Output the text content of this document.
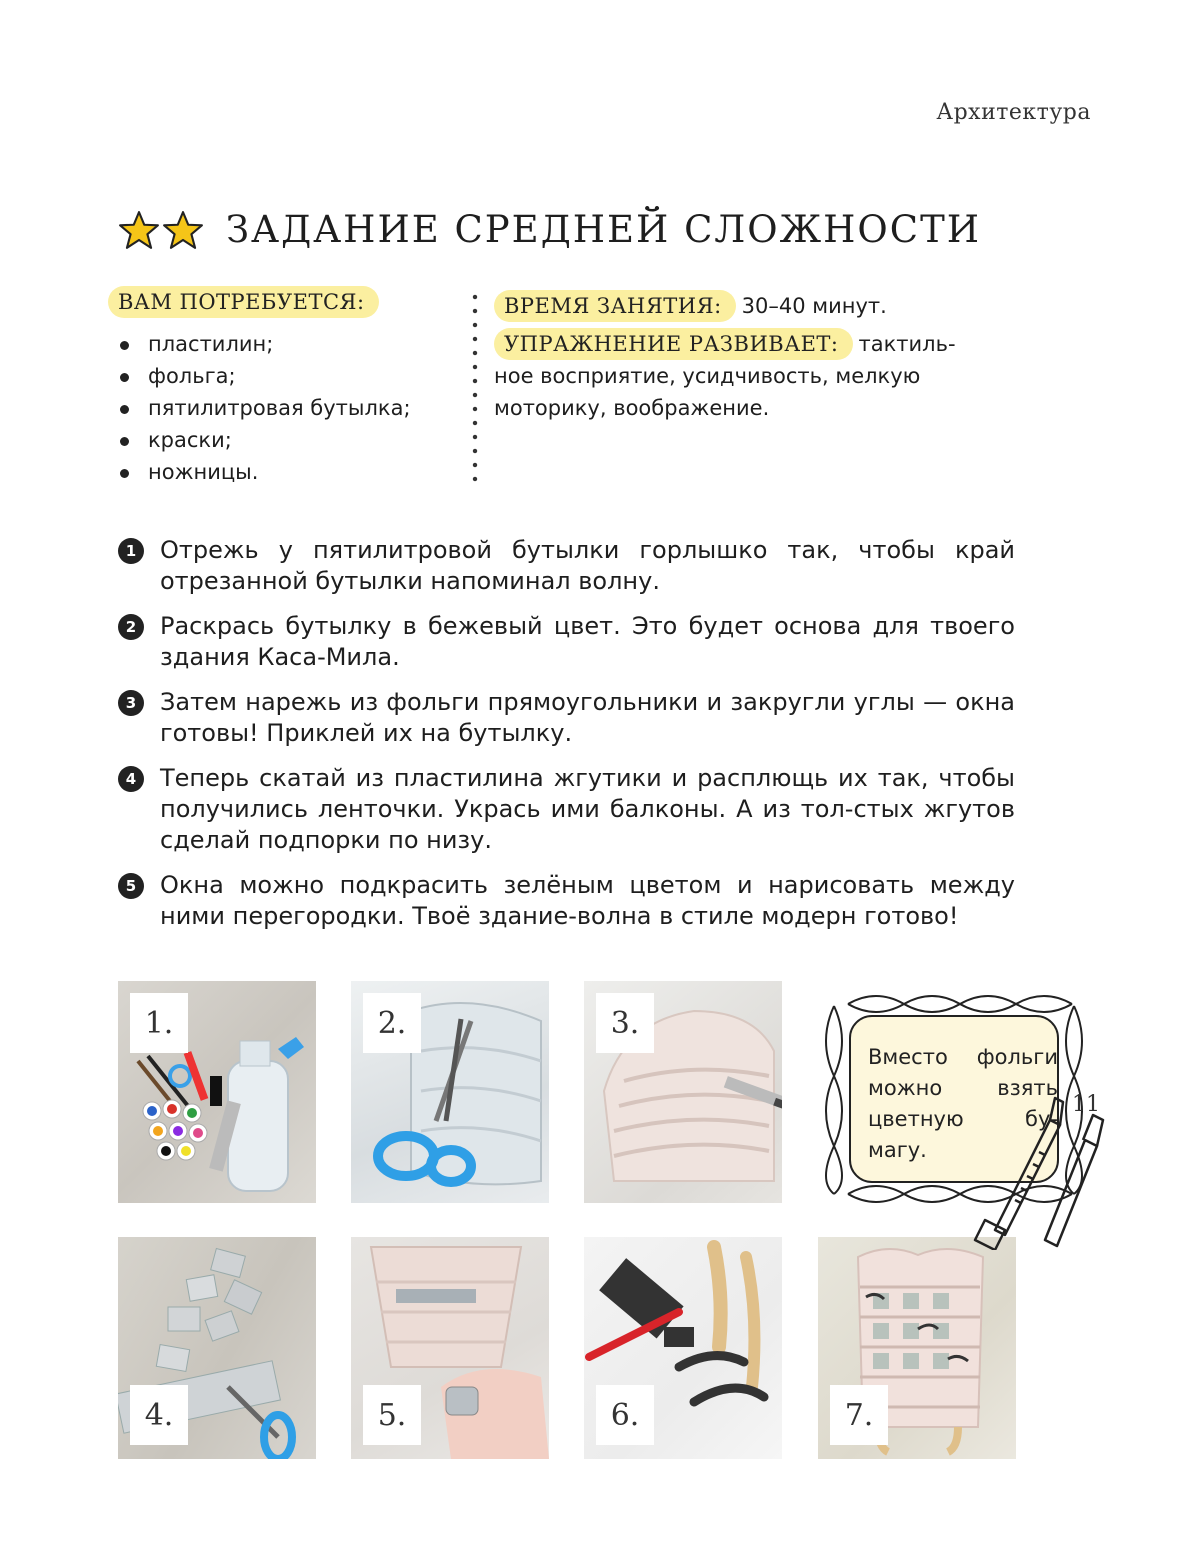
Архитектура
ЗАДАНИЕ СРЕДНЕЙ СЛОЖНОСТИ
ВАМ ПОТРЕБУЕТСЯ:
пластилин;
фольга;
пятилитровая бутылка;
краски;
ножницы.

ВРЕМЯ ЗАНЯТИЯ: 30–40 минут.

УПРАЖНЕНИЕ РАЗВИВАЕТ: тактиль-

ное восприятие, усидчивость, мелкую

моторику, воображение.

1 Отрежь у пятилитровой бутылки горлышко так, чтобы край отрезанной бутылки напоминал волну.
2 Раскрась бутылку в бежевый цвет. Это будет основа для твоего здания Каса-Мила.
3 Затем нарежь из фольги прямоугольники и закругли углы — окна готовы! Приклей их на бутылку.
4 Теперь скатай из пластилина жгутики и расплющь их так, чтобы получились ленточки. Укрась ими балконы. А из тол-стых жгутов сделай подпорки по низу.
5 Окна можно подкрасить зелёным цветом и нарисовать между ними перегородки. Твоё здание-волна в стиле модерн готово!
1.	2.	3.
4.	5.	6.	7.
Вместо фольги можно взять цветную бу-магу.
11
